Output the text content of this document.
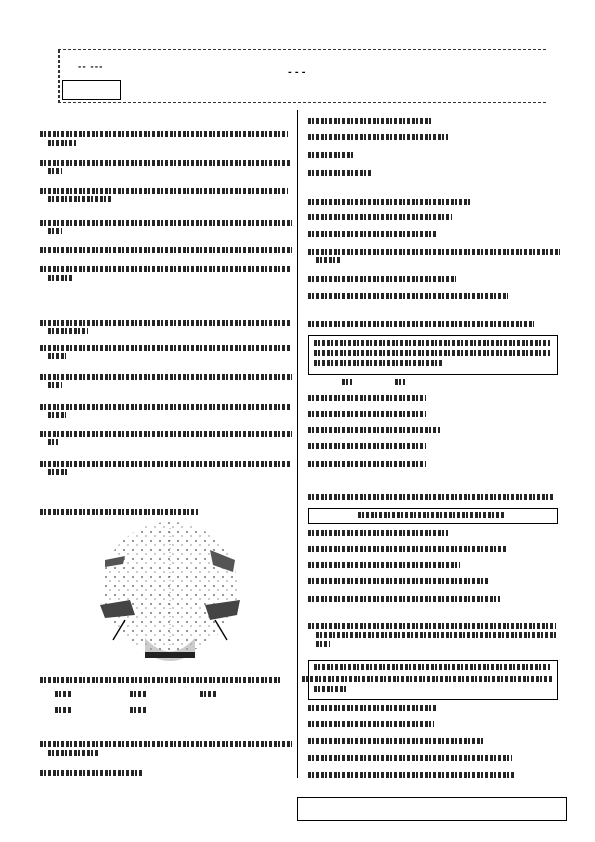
-- ---
- - -
